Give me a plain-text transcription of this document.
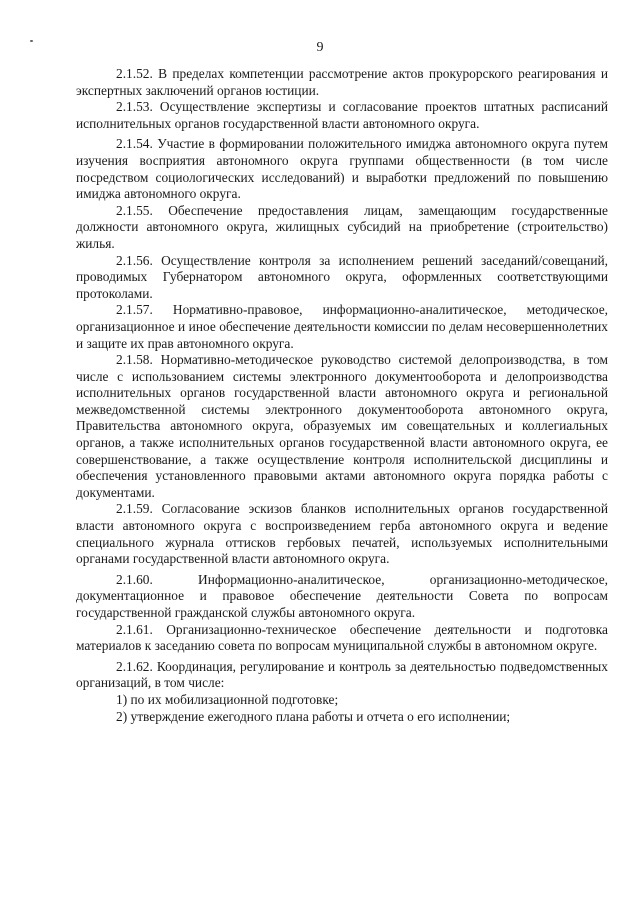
9

2.1.52. В пределах компетенции рассмотрение актов прокурорского реагирования и экспертных заключений органов юстиции.

2.1.53. Осуществление экспертизы и согласование проектов штатных расписаний исполнительных органов государственной власти автономного округа.

2.1.54. Участие в формировании положительного имиджа автономного округа путем изучения восприятия автономного округа группами общественности (в том числе посредством социологических исследований) и выработки предложений по повышению имиджа автономного округа.

2.1.55. Обеспечение предоставления лицам, замещающим государственные должности автономного округа, жилищных субсидий на приобретение (строительство) жилья.

2.1.56. Осуществление контроля за исполнением решений заседаний/совещаний, проводимых Губернатором автономного округа, оформленных соответствующими протоколами.

2.1.57. Нормативно-правовое, информационно-аналитическое, методическое, организационное и иное обеспечение деятельности комиссии по делам несовершеннолетних и защите их прав автономного округа.

2.1.58. Нормативно-методическое руководство системой делопроизводства, в том числе с использованием системы электронного документооборота и делопроизводства исполнительных органов государственной власти автономного округа и региональной межведомственной системы электронного документооборота автономного округа, Правительства автономного округа, образуемых им совещательных и коллегиальных органов, а также исполнительных органов государственной власти автономного округа, ее совершенствование, а также осуществление контроля исполнительской дисциплины и обеспечения установленного правовыми актами автономного округа порядка работы с документами.

2.1.59. Согласование эскизов бланков исполнительных органов государственной власти автономного округа с воспроизведением герба автономного округа и ведение специального журнала оттисков гербовых печатей, используемых исполнительными органами государственной власти автономного округа.

2.1.60. Информационно-аналитическое, организационно-методическое, документационное и правовое обеспечение деятельности Совета по вопросам государственной гражданской службы автономного округа.

2.1.61. Организационно-техническое обеспечение деятельности и подготовка материалов к заседанию совета по вопросам муниципальной службы в автономном округе.

2.1.62. Координация, регулирование и контроль за деятельностью подведомственных организаций, в том числе:

1) по их мобилизационной подготовке;

2) утверждение ежегодного плана работы и отчета о его исполнении;
